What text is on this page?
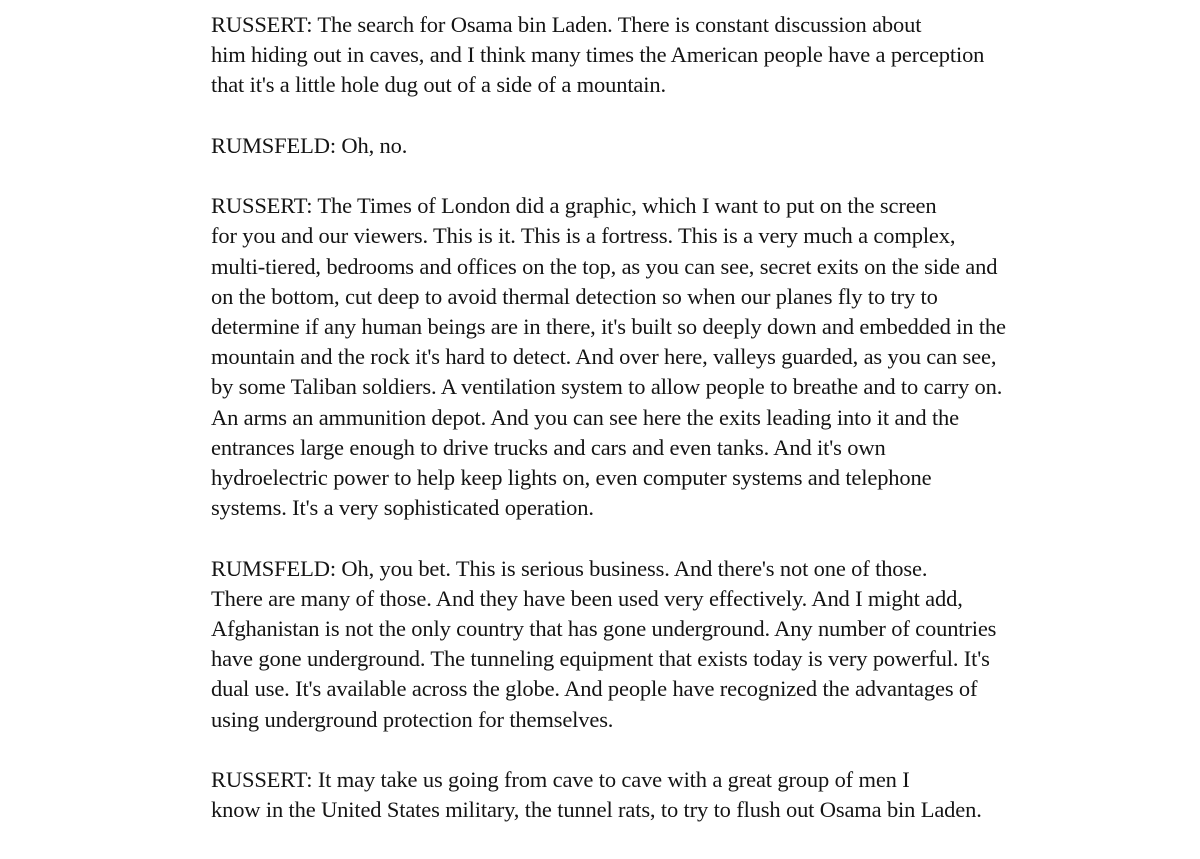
RUSSERT: The search for Osama bin Laden. There is constant discussion about
him hiding out in caves, and I think many times the American people have a perception
that it's a little hole dug out of a side of a mountain.

RUMSFELD: Oh, no.

RUSSERT: The Times of London did a graphic, which I want to put on the screen
for you and our viewers. This is it. This is a fortress. This is a very much a complex,
multi-tiered, bedrooms and offices on the top, as you can see, secret exits on the side and
on the bottom, cut deep to avoid thermal detection so when our planes fly to try to
determine if any human beings are in there, it's built so deeply down and embedded in the
mountain and the rock it's hard to detect. And over here, valleys guarded, as you can see,
by some Taliban soldiers. A ventilation system to allow people to breathe and to carry on.
An arms an ammunition depot. And you can see here the exits leading into it and the
entrances large enough to drive trucks and cars and even tanks. And it's own
hydroelectric power to help keep lights on, even computer systems and telephone
systems. It's a very sophisticated operation.

RUMSFELD: Oh, you bet. This is serious business. And there's not one of those.
There are many of those. And they have been used very effectively. And I might add,
Afghanistan is not the only country that has gone underground. Any number of countries
have gone underground. The tunneling equipment that exists today is very powerful. It's
dual use. It's available across the globe. And people have recognized the advantages of
using underground protection for themselves.

RUSSERT: It may take us going from cave to cave with a great group of men I
know in the United States military, the tunnel rats, to try to flush out Osama bin Laden.
